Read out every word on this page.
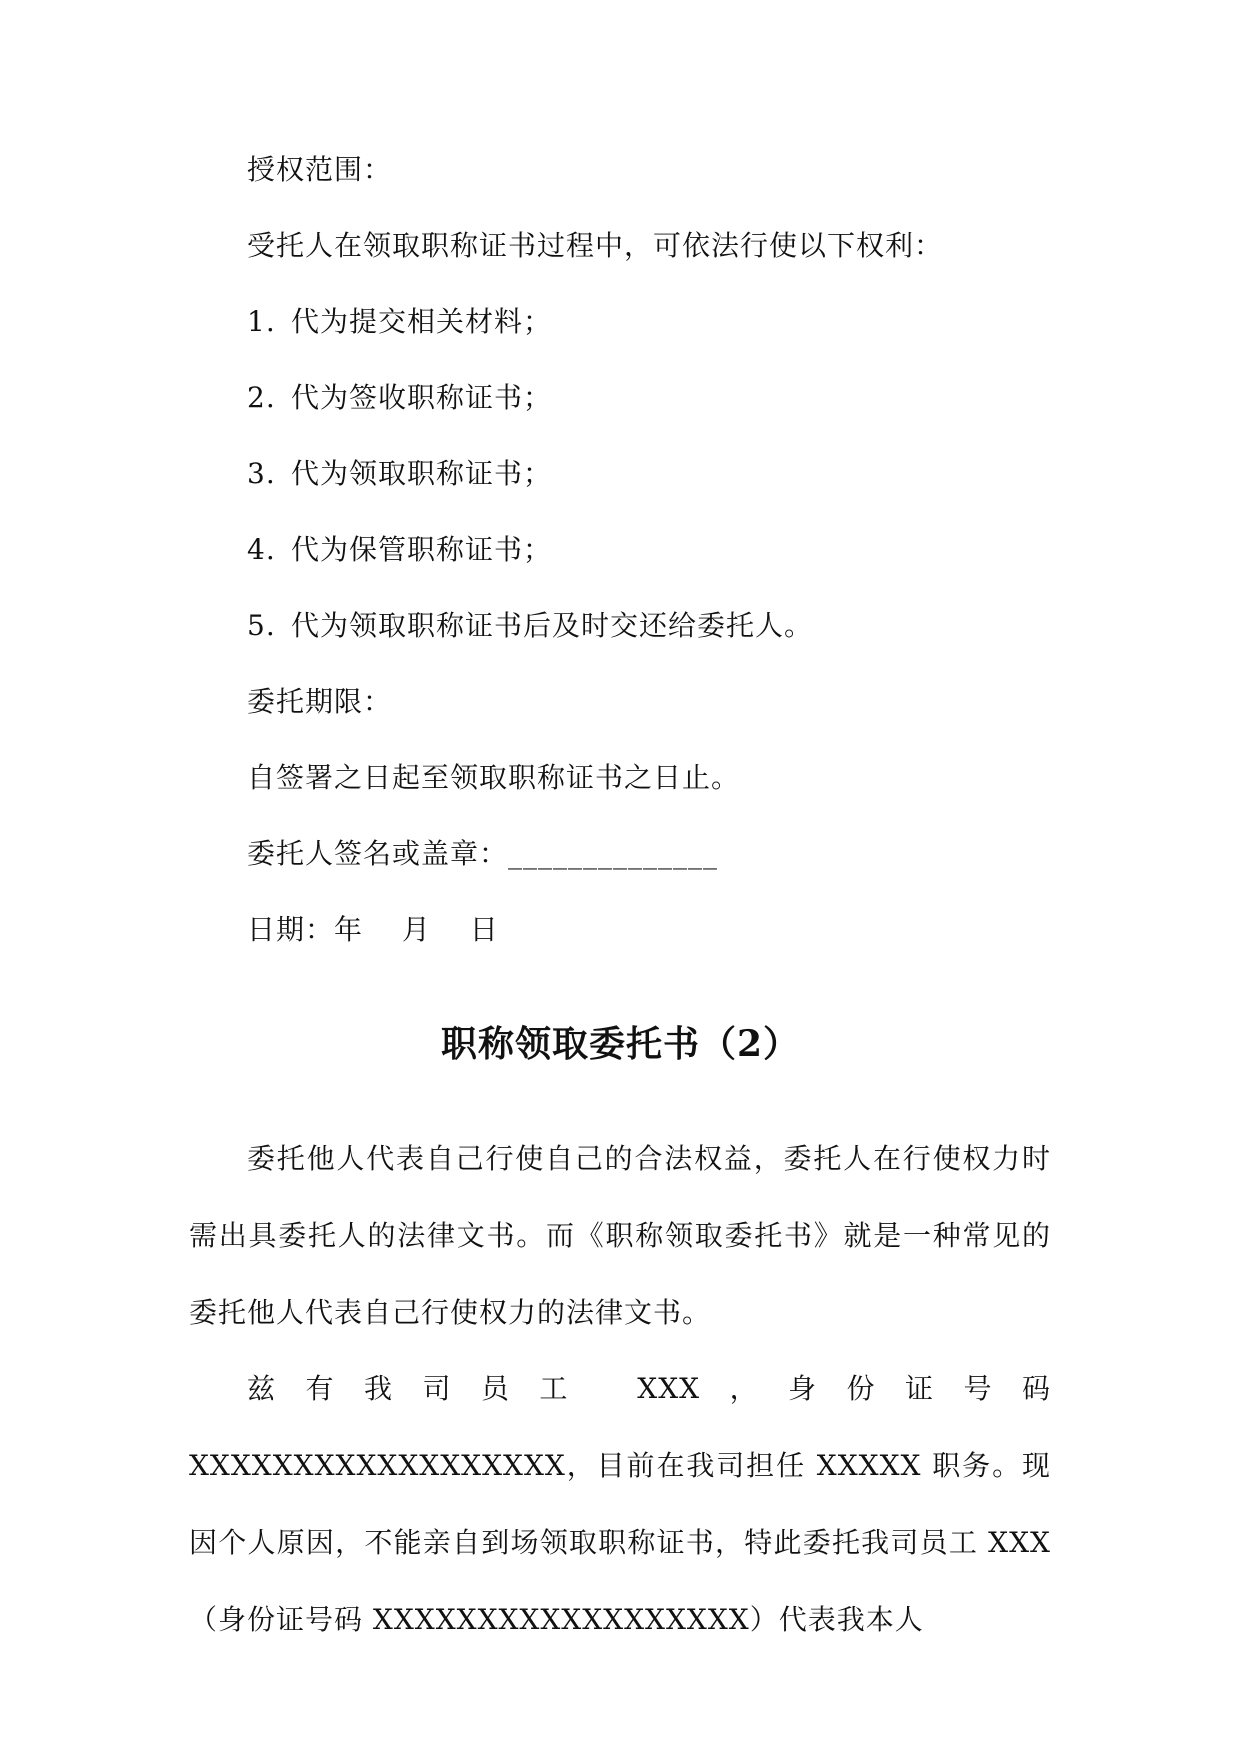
授权范围：
受托人在领取职称证书过程中，可依法行使以下权利：
1. 代为提交相关材料；
2. 代为签收职称证书；
3. 代为领取职称证书；
4. 代为保管职称证书；
5. 代为领取职称证书后及时交还给委托人。
委托期限：
自签署之日起至领取职称证书之日止。
委托人签名或盖章：______________
日期：年　 月　 日
职称领取委托书（2）
委托他人代表自己行使自己的合法权益，委托人在行使权力时需出具委托人的法律文书。而《职称领取委托书》就是一种常见的委托他人代表自己行使权力的法律文书。
兹有我司员工 XXX，身份证号码 XXXXXXXXXXXXXXXXXX，目前在我司担任 XXXXX 职务。现因个人原因，不能亲自到场领取职称证书，特此委托我司员工 XXX（身份证号码 XXXXXXXXXXXXXXXXXX）代表我本人
